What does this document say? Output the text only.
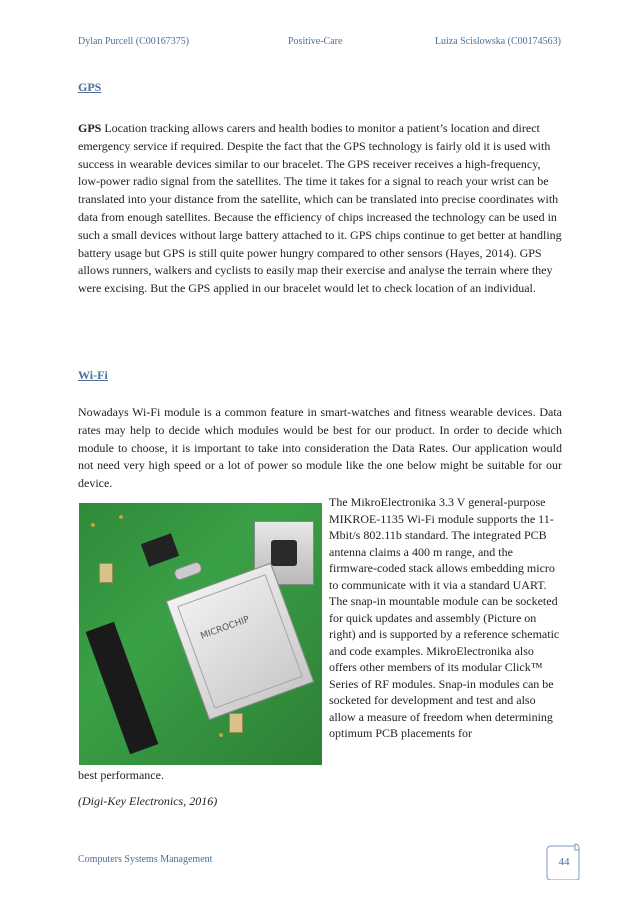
Dylan Purcell (C00167375)	Positive-Care	Luiza Scislowska (C00174563)
GPS

GPS Location tracking allows carers and health bodies to monitor a patient’s location and direct emergency service if required. Despite the fact that the GPS technology is fairly old it is used with success in wearable devices similar to our bracelet. The GPS receiver receives a high-frequency, low-power radio signal from the satellites. The time it takes for a signal to reach your wrist can be translated into your distance from the satellite, which can be translated into precise coordinates with data from enough satellites. Because the efficiency of chips increased the technology can be used in such a small devices without large battery attached to it. GPS chips continue to get better at handling battery usage but GPS is still quite power hungry compared to other sensors (Hayes, 2014). GPS allows runners, walkers and cyclists to easily map their exercise and analyse the terrain where they were excising. But the GPS applied in our bracelet would let to check location of an individual.

Wi-Fi

Nowadays Wi-Fi module is a common feature in smart-watches and fitness wearable devices. Data rates may help to decide which modules would be best for our product. In order to decide which module to choose, it is important to take into consideration the Data Rates. Our application would not need very high speed or a lot of power so module like the one below might be suitable for our device.

MICROCHIP

The MikroElectronika 3.3 V general-purpose MIKROE-1135 Wi-Fi module supports the 11-Mbit/s 802.11b standard. The integrated PCB antenna claims a 400 m range, and the firmware-coded stack allows embedding micro to communicate with it via a standard UART. The snap-in mountable module can be socketed for quick updates and assembly (Picture on right) and is supported by a reference schematic and code examples. MikroElectronika also offers other members of its modular Click™ Series of RF modules. Snap-in modules can be socketed for development and test and also allow a measure of freedom when determining optimum PCB placements for

best performance.
(Digi-Key Electronics, 2016)
Computers Systems Management	44
